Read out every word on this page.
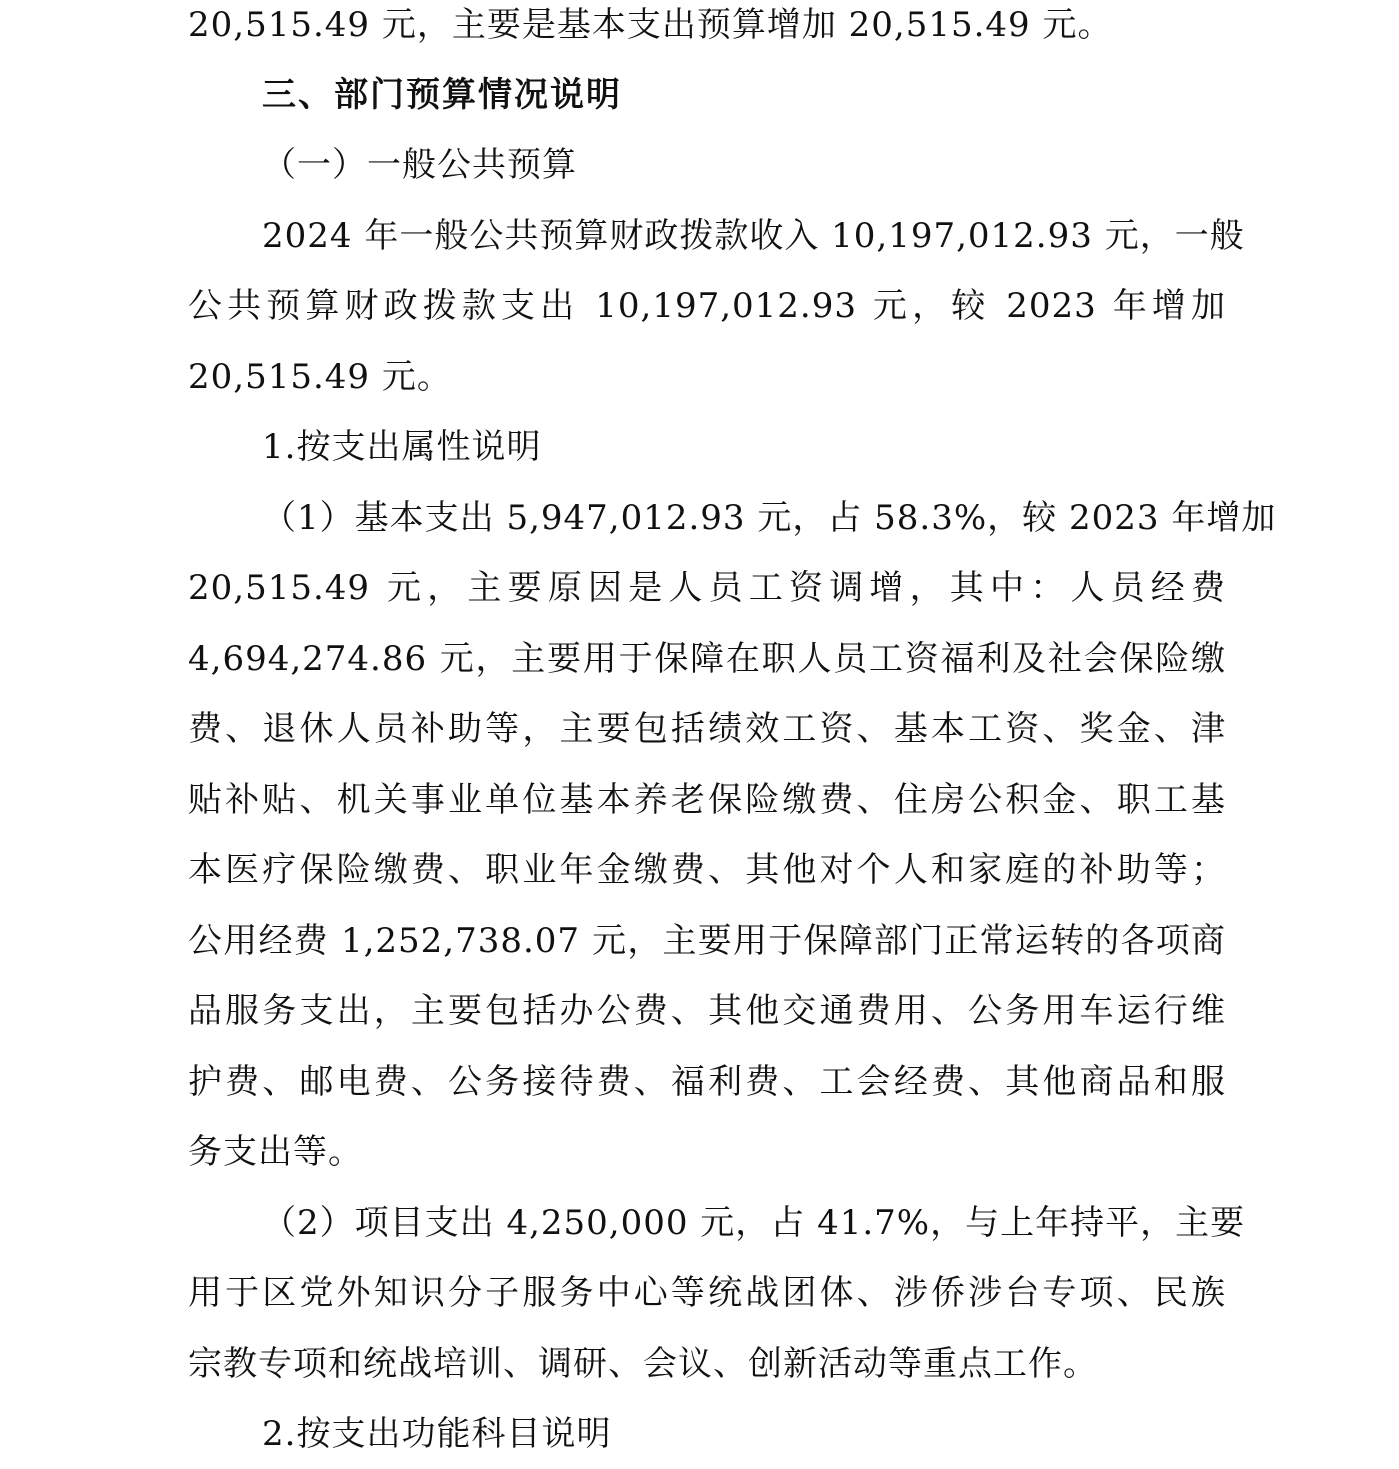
20,515.49 元，主要是基本支出预算增加 20,515.49 元。
三、部门预算情况说明
（一）一般公共预算
2024 年一般公共预算财政拨款收入 10,197,012.93 元，一般
公共预算财政拨款支出 10,197,012.93 元，较 2023 年增加
20,515.49 元。
1.按支出属性说明
（1）基本支出 5,947,012.93 元，占 58.3%，较 2023 年增加
20,515.49 元，主要原因是人员工资调增，其中：人员经费
4,694,274.86 元，主要用于保障在职人员工资福利及社会保险缴
费、退休人员补助等，主要包括绩效工资、基本工资、奖金、津
贴补贴、机关事业单位基本养老保险缴费、住房公积金、职工基
本医疗保险缴费、职业年金缴费、其他对个人和家庭的补助等；
公用经费 1,252,738.07 元，主要用于保障部门正常运转的各项商
品服务支出，主要包括办公费、其他交通费用、公务用车运行维
护费、邮电费、公务接待费、福利费、工会经费、其他商品和服
务支出等。
（2）项目支出 4,250,000 元，占 41.7%，与上年持平，主要
用于区党外知识分子服务中心等统战团体、涉侨涉台专项、民族
宗教专项和统战培训、调研、会议、创新活动等重点工作。
2.按支出功能科目说明
